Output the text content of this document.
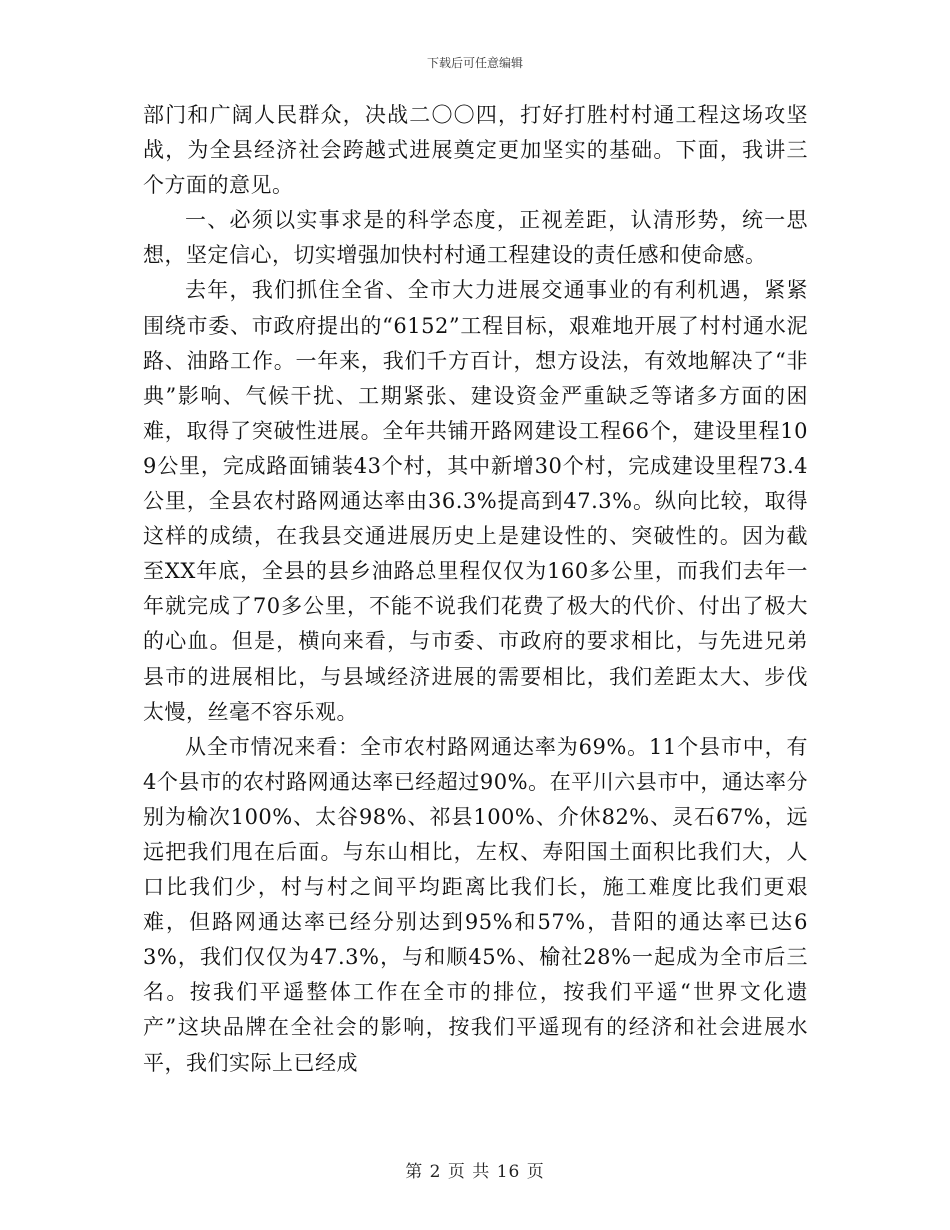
下载后可任意编辑

部门和广阔人民群众，决战二〇〇四，打好打胜村村通工程这场攻坚战，为全县经济社会跨越式进展奠定更加坚实的基础。下面，我讲三个方面的意见。

一、必须以实事求是的科学态度，正视差距，认清形势，统一思想，坚定信心，切实增强加快村村通工程建设的责任感和使命感。

去年，我们抓住全省、全市大力进展交通事业的有利机遇，紧紧围绕市委、市政府提出的“6152”工程目标，艰难地开展了村村通水泥路、油路工作。一年来，我们千方百计，想方设法，有效地解决了“非典”影响、气候干扰、工期紧张、建设资金严重缺乏等诸多方面的困难，取得了突破性进展。全年共铺开路网建设工程66个，建设里程109公里，完成路面铺装43个村，其中新增30个村，完成建设里程73.4公里，全县农村路网通达率由36.3%提高到47.3%。纵向比较，取得这样的成绩，在我县交通进展历史上是建设性的、突破性的。因为截至XX年底，全县的县乡油路总里程仅仅为160多公里，而我们去年一年就完成了70多公里，不能不说我们花费了极大的代价、付出了极大的心血。但是，横向来看，与市委、市政府的要求相比，与先进兄弟县市的进展相比，与县域经济进展的需要相比，我们差距太大、步伐太慢，丝毫不容乐观。

从全市情况来看：全市农村路网通达率为69%。11个县市中，有4个县市的农村路网通达率已经超过90%。在平川六县市中，通达率分别为榆次100%、太谷98%、祁县100%、介休82%、灵石67%，远远把我们甩在后面。与东山相比，左权、寿阳国土面积比我们大，人口比我们少，村与村之间平均距离比我们长，施工难度比我们更艰难，但路网通达率已经分别达到95%和57%，昔阳的通达率已达63%，我们仅仅为47.3%，与和顺45%、榆社28%一起成为全市后三名。按我们平遥整体工作在全市的排位，按我们平遥“世界文化遗产”这块品牌在全社会的影响，按我们平遥现有的经济和社会进展水平，我们实际上已经成

第 2 页 共 16 页
